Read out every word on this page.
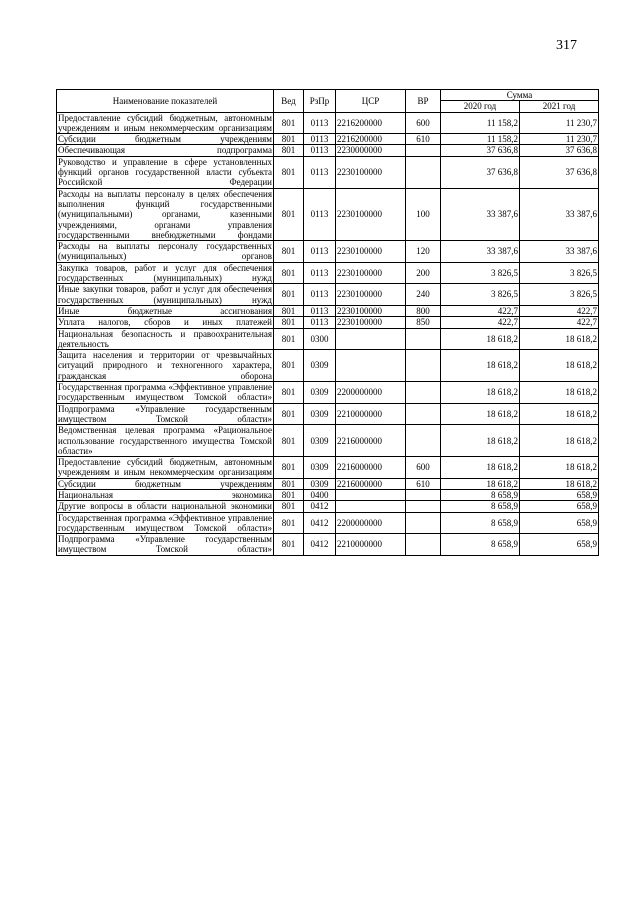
317
Наименование показателей	Вед	РзПр	ЦСР	ВР	Сумма	
					2020 год	2021 год
Предоставление субсидий бюджетным, автономным учреждениям и иным некоммерческим организациям	801	0113	2216200000	600	11 158,2	11 230,7
Субсидии бюджетным учреждениям	801	0113	2216200000	610	11 158,2	11 230,7
Обеспечивающая подпрограмма	801	0113	2230000000		37 636,8	37 636,8
Руководство и управление в сфере установленных функций органов государственной власти субъекта Российской Федерации	801	0113	2230100000		37 636,8	37 636,8
Расходы на выплаты персоналу в целях обеспечения выполнения функций государственными (муниципальными) органами, казенными учреждениями, органами управления государственными внебюджетными фондами	801	0113	2230100000	100	33 387,6	33 387,6
Расходы на выплаты персоналу государственных (муниципальных) органов	801	0113	2230100000	120	33 387,6	33 387,6
Закупка товаров, работ и услуг для обеспечения государственных (муниципальных) нужд	801	0113	2230100000	200	3 826,5	3 826,5
Иные закупки товаров, работ и услуг для обеспечения государственных (муниципальных) нужд	801	0113	2230100000	240	3 826,5	3 826,5
Иные бюджетные ассигнования	801	0113	2230100000	800	422,7	422,7
Уплата налогов, сборов и иных платежей	801	0113	2230100000	850	422,7	422,7
Национальная безопасность и правоохранительная деятельность	801	0300			18 618,2	18 618,2
Защита населения и территории от чрезвычайных ситуаций природного и техногенного характера, гражданская оборона	801	0309			18 618,2	18 618,2
Государственная программа «Эффективное управление государственным имуществом Томской области»	801	0309	2200000000		18 618,2	18 618,2
Подпрограмма «Управление государственным имуществом Томской области»	801	0309	2210000000		18 618,2	18 618,2
Ведомственная целевая программа «Рациональное использование государственного имущества Томской области»	801	0309	2216000000		18 618,2	18 618,2
Предоставление субсидий бюджетным, автономным учреждениям и иным некоммерческим организациям	801	0309	2216000000	600	18 618,2	18 618,2
Субсидии бюджетным учреждениям	801	0309	2216000000	610	18 618,2	18 618,2
Национальная экономика	801	0400			8 658,9	658,9
Другие вопросы в области национальной экономики	801	0412			8 658,9	658,9
Государственная программа «Эффективное управление государственным имуществом Томской области»	801	0412	2200000000		8 658,9	658,9
Подпрограмма «Управление государственным имуществом Томской области»	801	0412	2210000000		8 658,9	658,9
